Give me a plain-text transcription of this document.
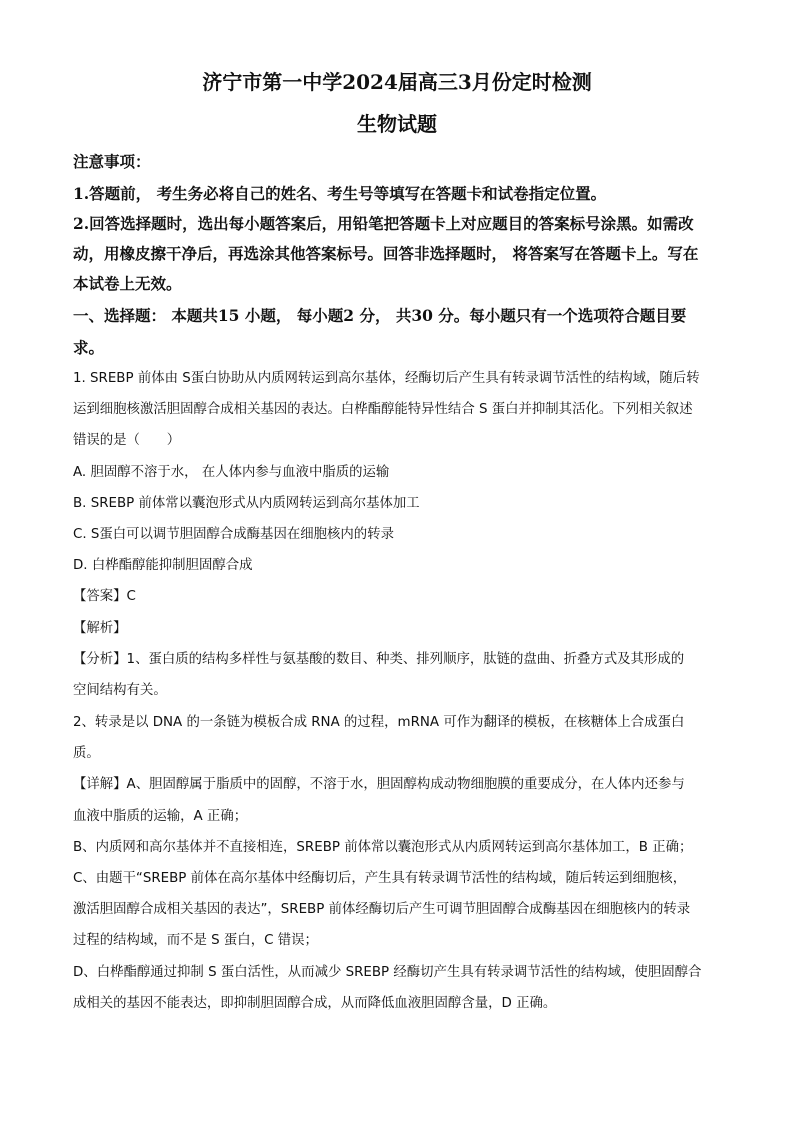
济宁市第一中学2024届高三3月份定时检测
生物试题
注意事项：
1.答题前， 考生务必将自己的姓名、考生号等填写在答题卡和试卷指定位置。
2.回答选择题时，选出每小题答案后，用铅笔把答题卡上对应题目的答案标号涂黑。如需改
动，用橡皮擦干净后，再选涂其他答案标号。回答非选择题时， 将答案写在答题卡上。写在
本试卷上无效。
一、选择题： 本题共15 小题， 每小题2 分， 共30 分。每小题只有一个选项符合题目要
求。
1. SREBP 前体由 S蛋白协助从内质网转运到高尔基体，经酶切后产生具有转录调节活性的结构域，随后转
运到细胞核激活胆固醇合成相关基因的表达。白桦酯醇能特异性结合 S 蛋白并抑制其活化。下列相关叙述
错误的是（　　）
A. 胆固醇不溶于水， 在人体内参与血液中脂质的运输
B. SREBP 前体常以囊泡形式从内质网转运到高尔基体加工
C. S蛋白可以调节胆固醇合成酶基因在细胞核内的转录
D. 白桦酯醇能抑制胆固醇合成
【答案】C
【解析】
【分析】1、蛋白质的结构多样性与氨基酸的数目、种类、排列顺序，肽链的盘曲、折叠方式及其形成的
空间结构有关。
2、转录是以 DNA 的一条链为模板合成 RNA 的过程，mRNA 可作为翻译的模板，在核糖体上合成蛋白
质。
【详解】A、胆固醇属于脂质中的固醇，不溶于水，胆固醇构成动物细胞膜的重要成分，在人体内还参与
血液中脂质的运输，A 正确；
B、内质网和高尔基体并不直接相连，SREBP 前体常以囊泡形式从内质网转运到高尔基体加工，B 正确；
C、由题干“SREBP 前体在高尔基体中经酶切后，产生具有转录调节活性的结构域，随后转运到细胞核，
激活胆固醇合成相关基因的表达”，SREBP 前体经酶切后产生可调节胆固醇合成酶基因在细胞核内的转录
过程的结构域，而不是 S 蛋白，C 错误；
D、白桦酯醇通过抑制 S 蛋白活性，从而减少 SREBP 经酶切产生具有转录调节活性的结构域，使胆固醇合
成相关的基因不能表达，即抑制胆固醇合成，从而降低血液胆固醇含量，D 正确。
